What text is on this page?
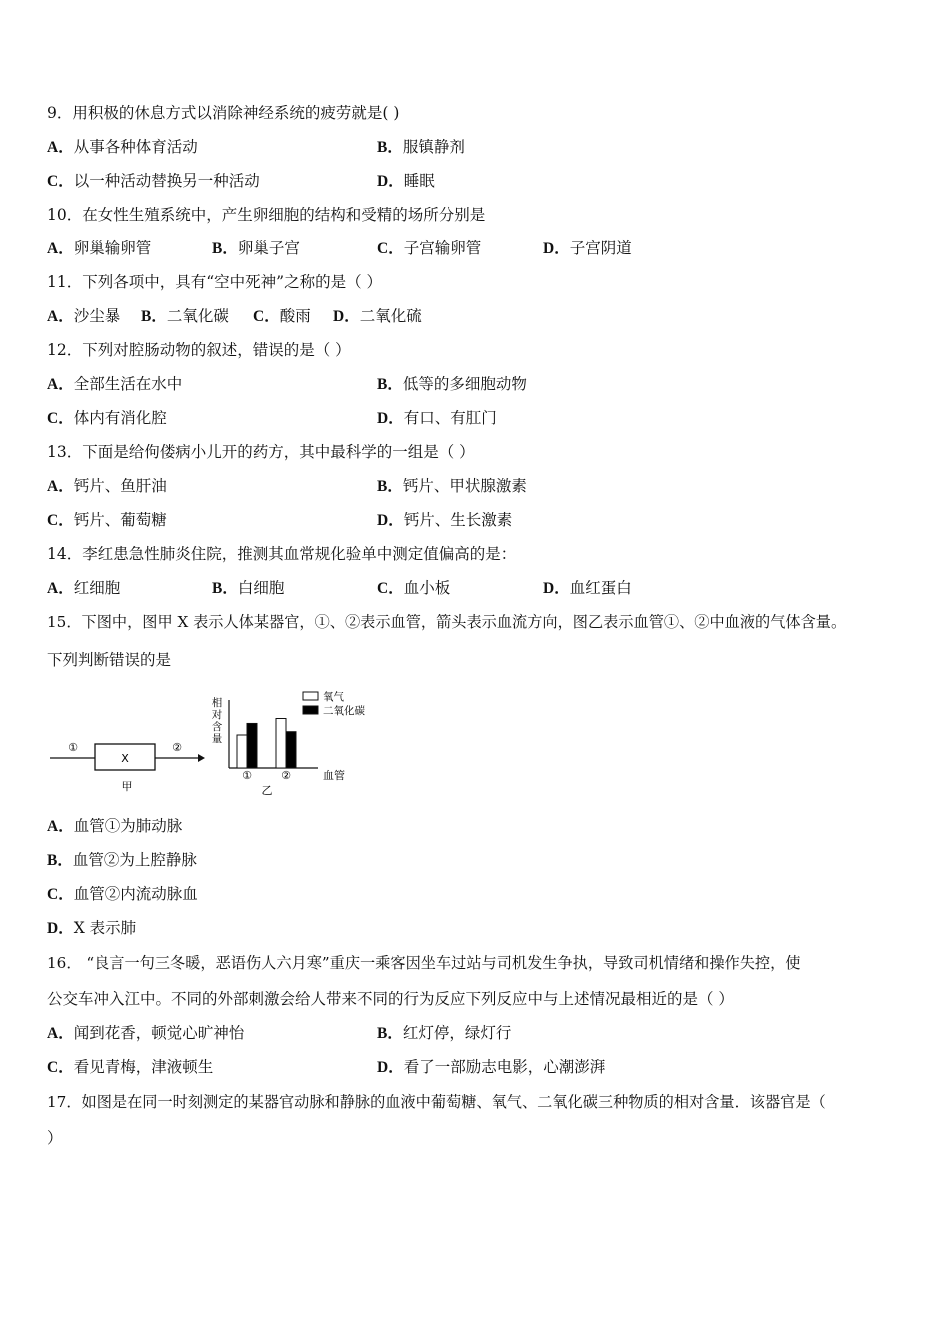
9．用积极的休息方式以消除神经系统的疲劳就是( )
A．从事各种体育活动	B．服镇静剂
C．以一种活动替换另一种活动	D．睡眠
10．在女性生殖系统中，产生卵细胞的结构和受精的场所分别是
A．卵巢输卵管	B．卵巢子宫	C．子宫输卵管	D．子宫阴道
11．下列各项中，具有“空中死神”之称的是（ ）
A．沙尘暴 B．二氧化碳 C．酸雨 D．二氧化硫
12．下列对腔肠动物的叙述，错误的是（ ）
A．全部生活在水中	B．低等的多细胞动物
C．体内有消化腔	D．有口、有肛门
13．下面是给佝偻病小儿开的药方，其中最科学的一组是（ ）
A．钙片、鱼肝油	B．钙片、甲状腺激素
C．钙片、葡萄糖	D．钙片、生长激素
14．李红患急性肺炎住院，推测其血常规化验单中测定值偏高的是：
A．红细胞	B．白细胞	C．血小板	D．血红蛋白
15．下图中，图甲 X 表示人体某器官，①、②表示血管，箭头表示血流方向，图乙表示血管①、②中血液的气体含量。
下列判断错误的是
X
①	②
甲
相
对
含
量
①	②	血管
乙
氧气
二氧化碳
A．血管①为肺动脉
B．血管②为上腔静脉
C．血管②内流动脉血
D．X 表示肺
16． “良言一句三冬暖，恶语伤人六月寒”重庆一乘客因坐车过站与司机发生争执，导致司机情绪和操作失控，使
公交车冲入江中。不同的外部刺激会给人带来不同的行为反应下列反应中与上述情况最相近的是（ ）
A．闻到花香，顿觉心旷神怡	B．红灯停，绿灯行
C．看见青梅，津液顿生	D．看了一部励志电影，心潮澎湃
17．如图是在同一时刻测定的某器官动脉和静脉的血液中葡萄糖、氧气、二氧化碳三种物质的相对含量．该器官是（
）
